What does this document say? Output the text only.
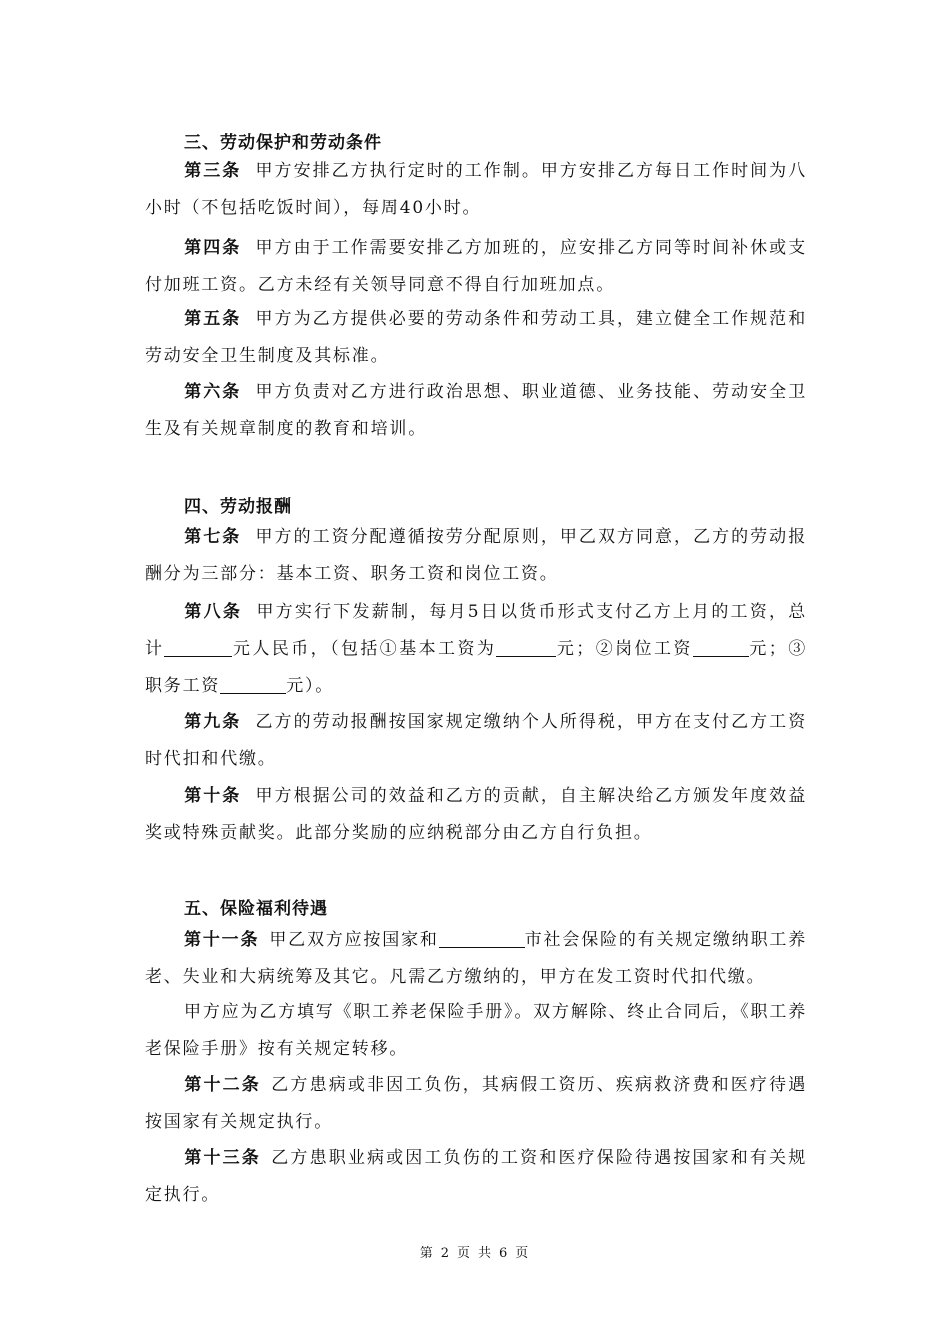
三、劳动保护和劳动条件
第三条 甲方安排乙方执行定时的工作制。甲方安排乙方每日工作时间为八小时（不包括吃饭时间），每周40小时。
第四条 甲方由于工作需要安排乙方加班的，应安排乙方同等时间补休或支付加班工资。乙方未经有关领导同意不得自行加班加点。
第五条 甲方为乙方提供必要的劳动条件和劳动工具，建立健全工作规范和劳动安全卫生制度及其标准。
第六条 甲方负责对乙方进行政治思想、职业道德、业务技能、劳动安全卫生及有关规章制度的教育和培训。
四、劳动报酬
第七条 甲方的工资分配遵循按劳分配原则，甲乙双方同意，乙方的劳动报酬分为三部分：基本工资、职务工资和岗位工资。
第八条 甲方实行下发薪制，每月5日以货币形式支付乙方上月的工资，总计	元人民币，（包括①基本工资为	元；②岗位工资	元；③职务工资	元）。
第九条 乙方的劳动报酬按国家规定缴纳个人所得税，甲方在支付乙方工资时代扣和代缴。
第十条 甲方根据公司的效益和乙方的贡献，自主解决给乙方颁发年度效益奖或特殊贡献奖。此部分奖励的应纳税部分由乙方自行负担。
五、保险福利待遇
第十一条 甲乙双方应按国家和	市社会保险的有关规定缴纳职工养老、失业和大病统筹及其它。凡需乙方缴纳的，甲方在发工资时代扣代缴。
甲方应为乙方填写《职工养老保险手册》。双方解除、终止合同后，《职工养老保险手册》按有关规定转移。
第十二条 乙方患病或非因工负伤，其病假工资历、疾病救济费和医疗待遇按国家有关规定执行。
第十三条 乙方患职业病或因工负伤的工资和医疗保险待遇按国家和有关规定执行。
第 2 页 共 6 页
